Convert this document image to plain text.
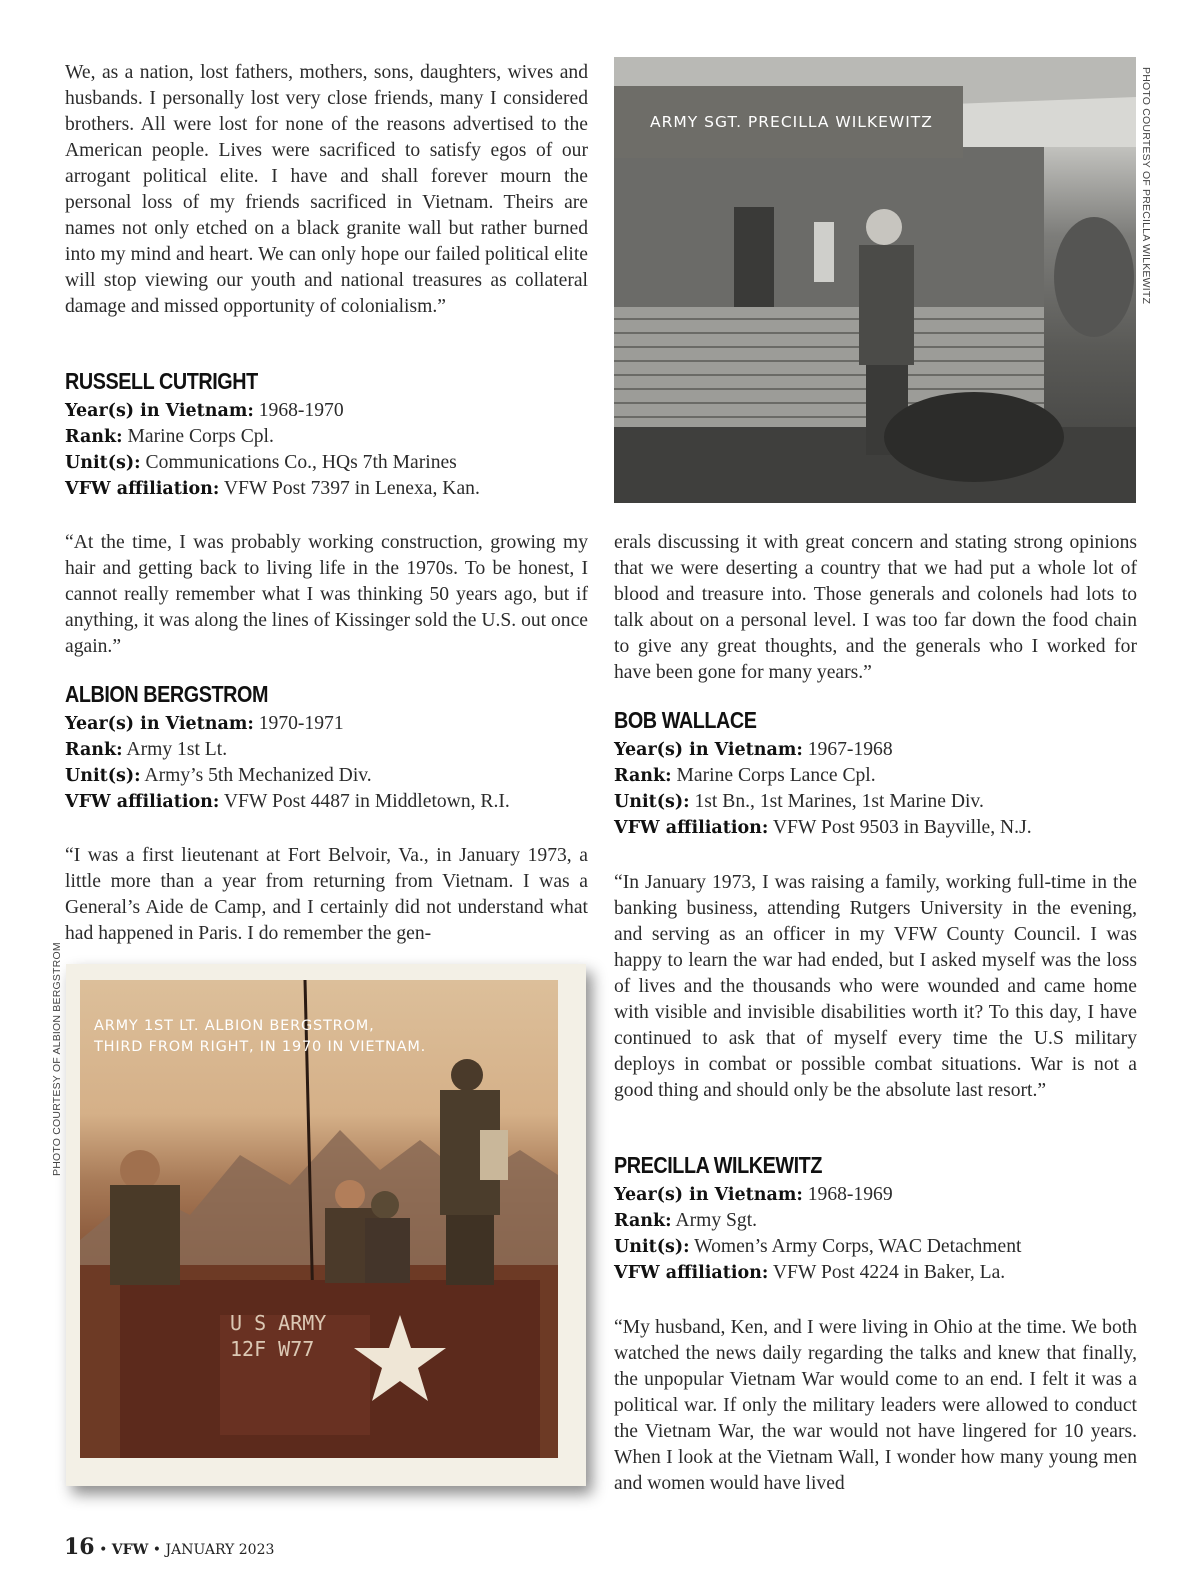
We, as a nation, lost fathers, mothers, sons, daughters, wives and husbands. I personally lost very close friends, many I considered brothers. All were lost for none of the reasons advertised to the American people. Lives were sacrificed to satisfy egos of our arrogant political elite. I have and shall forever mourn the personal loss of my friends sacrificed in Vietnam. Theirs are names not only etched on a black granite wall but rather burned into my mind and heart. We can only hope our failed political elite will stop viewing our youth and national treasures as collateral damage and missed opportunity of colonialism.”

RUSSELL CUTRIGHT
Year(s) in Vietnam: 1968-1970
Rank: Marine Corps Cpl.
Unit(s): Communications Co., HQs 7th Marines
VFW affiliation: VFW Post 7397 in Lenexa, Kan.

“At the time, I was probably working construction, growing my hair and getting back to living life in the 1970s. To be honest, I cannot really remember what I was thinking 50 years ago, but if anything, it was along the lines of Kissinger sold the U.S. out once again.”

ALBION BERGSTROM
Year(s) in Vietnam: 1970-1971
Rank: Army 1st Lt.
Unit(s): Army’s 5th Mechanized Div.
VFW affiliation: VFW Post 4487 in Middletown, R.I.

“I was a first lieutenant at Fort Belvoir, Va., in January 1973, a little more than a year from returning from Vietnam. I was a General’s Aide de Camp, and I certainly did not understand what had happened in Paris. I do remember the gen-

PHOTO COURTESY OF ALBION BERGSTROM
U S ARMY
12F W77
ARMY 1ST LT. ALBION BERGSTROM,
THIRD FROM RIGHT, IN 1970 IN VIETNAM.
ARMY SGT. PRECILLA WILKEWITZ	PHOTO COURTESY OF PRECILLA WILKEWITZ

erals discussing it with great concern and stating strong opinions that we were deserting a country that we had put a whole lot of blood and treasure into. Those generals and colonels had lots to talk about on a personal level. I was too far down the food chain to give any great thoughts, and the generals who I worked for have been gone for many years.”

BOB WALLACE
Year(s) in Vietnam: 1967-1968
Rank: Marine Corps Lance Cpl.
Unit(s): 1st Bn., 1st Marines, 1st Marine Div.
VFW affiliation: VFW Post 9503 in Bayville, N.J.

“In January 1973, I was raising a family, working full-time in the banking business, attending Rutgers University in the evening, and serving as an officer in my VFW County Council. I was happy to learn the war had ended, but I asked myself was the loss of lives and the thousands who were wounded and came home with visible and invisible disabilities worth it? To this day, I have continued to ask that of myself every time the U.S military deploys in combat or possible combat situations. War is not a good thing and should only be the absolute last resort.”

PRECILLA WILKEWITZ
Year(s) in Vietnam: 1968-1969
Rank: Army Sgt.
Unit(s): Women’s Army Corps, WAC Detachment
VFW affiliation: VFW Post 4224 in Baker, La.

“My husband, Ken, and I were living in Ohio at the time. We both watched the news daily regarding the talks and knew that finally, the unpopular Vietnam War would come to an end. I felt it was a political war. If only the military leaders were allowed to conduct the Vietnam War, the war would not have lingered for 10 years. When I look at the Vietnam Wall, I wonder how many young men and women would have lived

16 • VFW • JANUARY 2023
